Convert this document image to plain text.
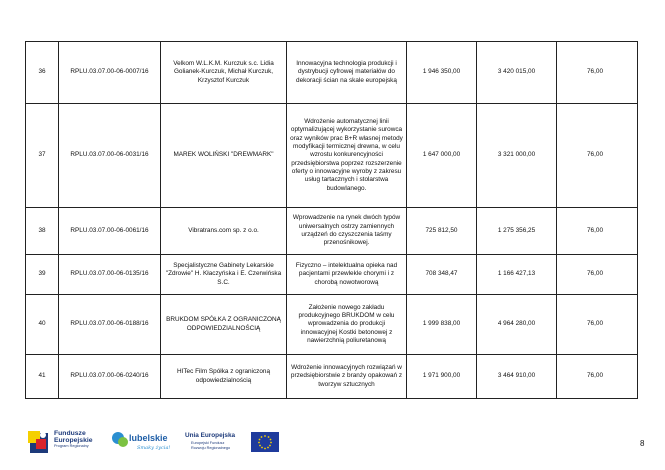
36	RPLU.03.07.00-06-0007/16	Velkom W.L.K.M. Kurczuk s.c. Lidia Golianek-Kurczuk, Michał Kurczuk, Krzysztof Kurczuk	Innowacyjna technologia produkcji i dystrybucji cyfrowej materiałów do dekoracji ścian na skale europejską	1 946 350,00	3 420 015,00	76,00
37	RPLU.03.07.00-06-0031/16	MAREK WOLIŃSKI "DREWMARK"	Wdrożenie automatycznej linii optymalizującej wykorzystanie surowca oraz wyników prac B+R własnej metody modyfikacji termicznej drewna, w celu wzrostu konkurencyjności przedsiębiorstwa poprzez rozszerzenie oferty o innowacyjne wyroby z zakresu usług tartacznych i stolarstwa budowlanego.	1 647 000,00	3 321 000,00	76,00
38	RPLU.03.07.00-06-0061/16	Vibratrans.com sp. z o.o.	Wprowadzenie na rynek dwóch typów uniwersalnych ostrzy zamiennych urządzeń do czyszczenia taśmy przenośnikowej.	725 812,50	1 275 356,25	76,00
39	RPLU.03.07.00-06-0135/16	Specjalistyczne Gabinety Lekarskie "Zdrowie" H. Kłaczyńska i E. Czerwińska S.C.	Fizyczno – intelektualna opieka nad pacjentami przewlekle chorymi i z chorobą nowotworową	708 348,47	1 166 427,13	76,00
40	RPLU.03.07.00-06-0188/16	BRUKDOM SPÓŁKA Z OGRANICZONĄ ODPOWIEDZIALNOŚCIĄ	Założenie nowego zakładu produkcyjnego BRUKDOM w celu wprowadzenia do produkcji innowacyjnej Kostki betonowej z nawierzchnią poliuretanową	1 999 838,00	4 964 280,00	76,00
41	RPLU.03.07.00-06-0240/16	HITec Film Spółka z ograniczoną odpowiedzialnością	Wdrożenie innowacyjnych rozwiązań w przedsiębiorstwie z branży opakowań z tworzyw sztucznych	1 971 900,00	3 464 910,00	76,00
Fundusze
Europejskie
Program Regionalny
lubelskie
Smaky życia!
Unia Europejska
Europejski Fundusz
Rozwoju Regionalnego	8
